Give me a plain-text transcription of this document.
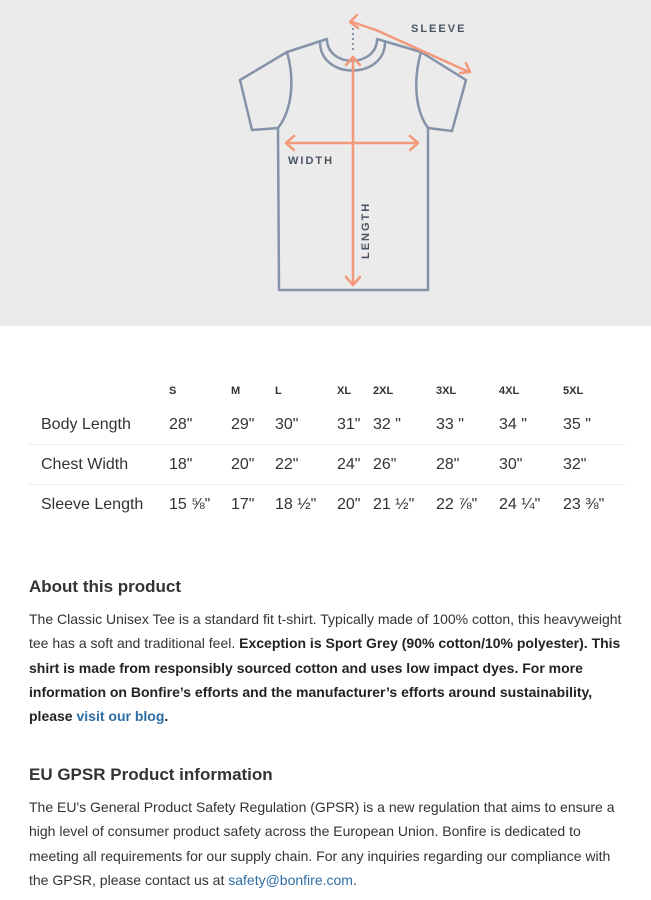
SLEEVE
WIDTH
LENGTH
	S	M	L	XL	2XL	3XL	4XL	5XL
Body Length	28"	29"	30"	31"	32 "	33 "	34 "	35 "
Chest Width	18"	20"	22"	24"	26"	28"	30"	32"
Sleeve Length	15 ⅝"	17"	18 ½"	20"	21 ½"	22 ⅞"	24 ¼"	23 ⅜"
About this product

The Classic Unisex Tee is a standard fit t-shirt. Typically made of 100% cotton, this heavyweight tee has a soft and traditional feel. Exception is Sport Grey (90% cotton/10% polyester). This shirt is made from responsibly sourced cotton and uses low impact dyes. For more information on Bonfire’s efforts and the manufacturer’s efforts around sustainability, please visit our blog.

EU GPSR Product information

The EU's General Product Safety Regulation (GPSR) is a new regulation that aims to ensure a high level of consumer product safety across the European Union. Bonfire is dedicated to meeting all requirements for our supply chain. For any inquiries regarding our compliance with the GPSR, please contact us at safety@bonfire.com.
